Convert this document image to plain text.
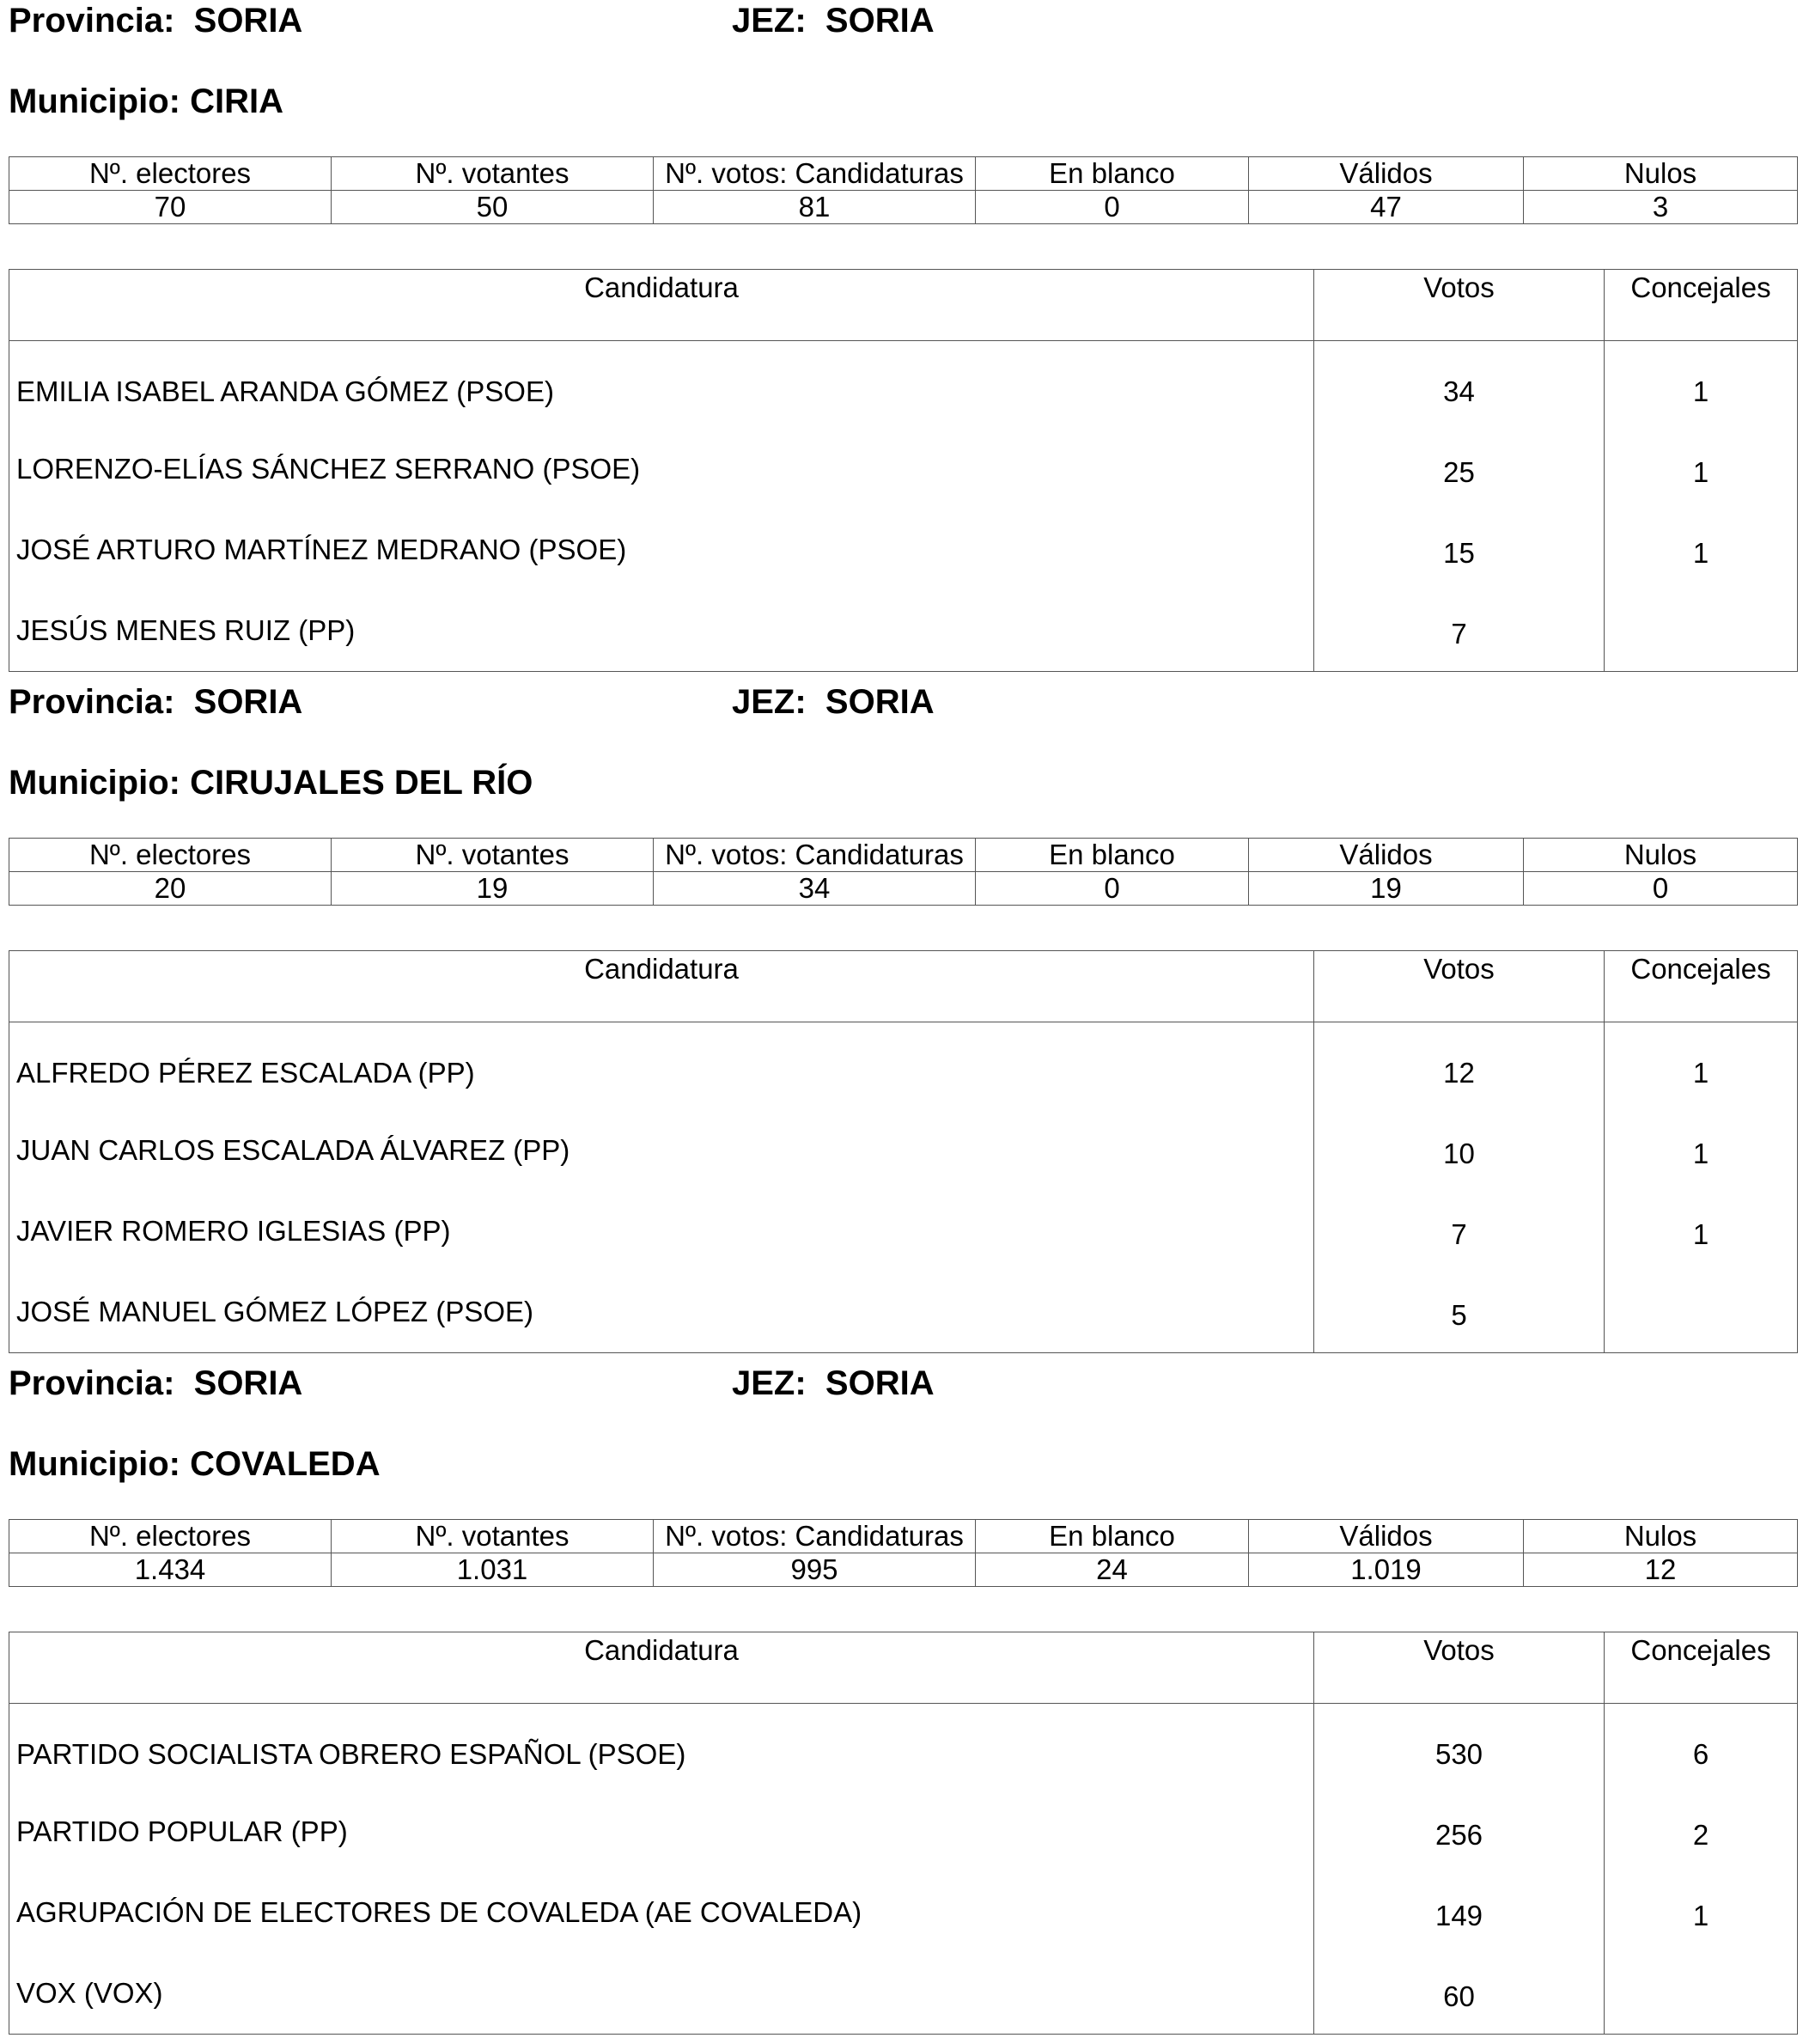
Provincia: SORIA	JEZ: SORIA
Municipio: CIRIA
Nº. electores	Nº. votantes	Nº. votos: Candidaturas	En blanco	Válidos	Nulos
70	50	81	0	47	3
Candidatura	Votos	Concejales
EMILIA ISABEL ARANDA GÓMEZ (PSOE)	34	1
LORENZO-ELÍAS SÁNCHEZ SERRANO (PSOE)	25	1
JOSÉ ARTURO MARTÍNEZ MEDRANO (PSOE)	15	1
JESÚS MENES RUIZ (PP)	7	
Provincia: SORIA	JEZ: SORIA
Municipio: CIRUJALES DEL RÍO
Nº. electores	Nº. votantes	Nº. votos: Candidaturas	En blanco	Válidos	Nulos
20	19	34	0	19	0
Candidatura	Votos	Concejales
ALFREDO PÉREZ ESCALADA (PP)	12	1
JUAN CARLOS ESCALADA ÁLVAREZ (PP)	10	1
JAVIER ROMERO IGLESIAS (PP)	7	1
JOSÉ MANUEL GÓMEZ LÓPEZ (PSOE)	5	
Provincia: SORIA	JEZ: SORIA
Municipio: COVALEDA
Nº. electores	Nº. votantes	Nº. votos: Candidaturas	En blanco	Válidos	Nulos
1.434	1.031	995	24	1.019	12
Candidatura	Votos	Concejales
PARTIDO SOCIALISTA OBRERO ESPAÑOL (PSOE)	530	6
PARTIDO POPULAR (PP)	256	2
AGRUPACIÓN DE ELECTORES DE COVALEDA (AE COVALEDA)	149	1
VOX (VOX)	60	
